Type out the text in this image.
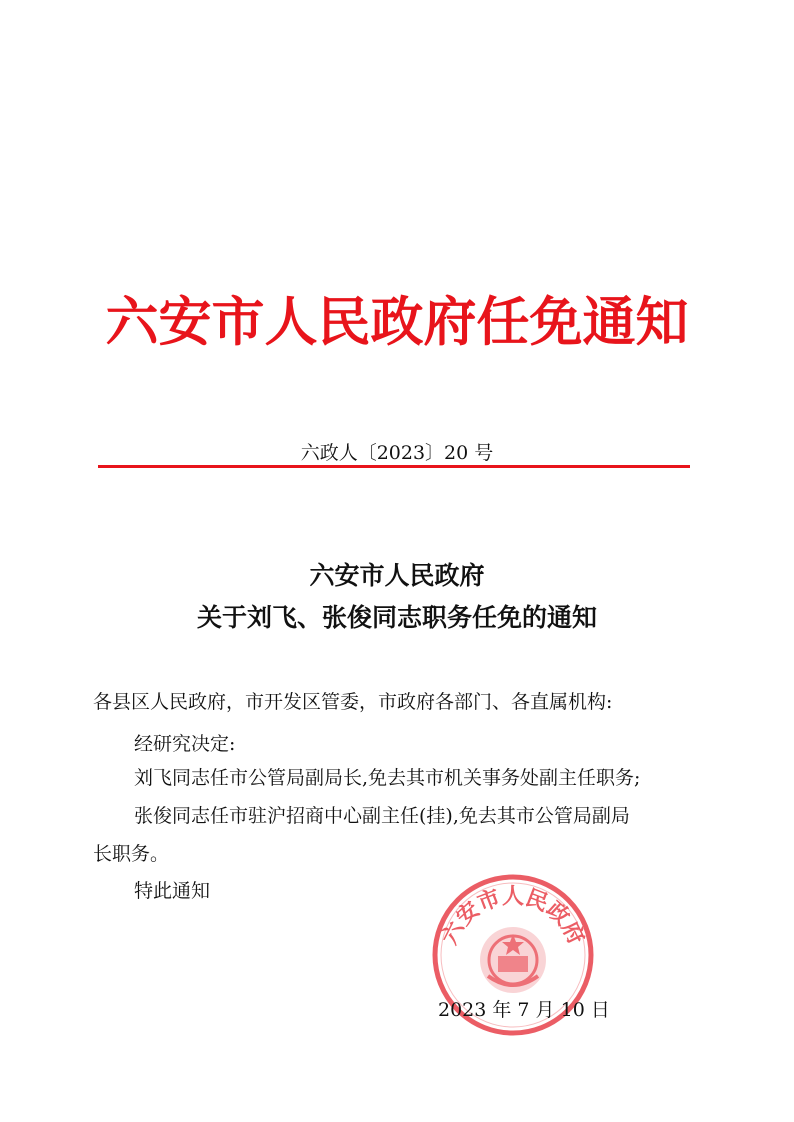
六安市人民政府任免通知
六政人〔2023〕20 号
六安市人民政府
关于刘飞、张俊同志职务任免的通知
各县区人民政府，市开发区管委，市政府各部门、各直属机构:
经研究决定:
刘飞同志任市公管局副局长,免去其市机关事务处副主任职务;
张俊同志任市驻沪招商中心副主任(挂),免去其市公管局副局
长职务。
特此通知
六安市人民政府
2023 年 7 月 10 日
